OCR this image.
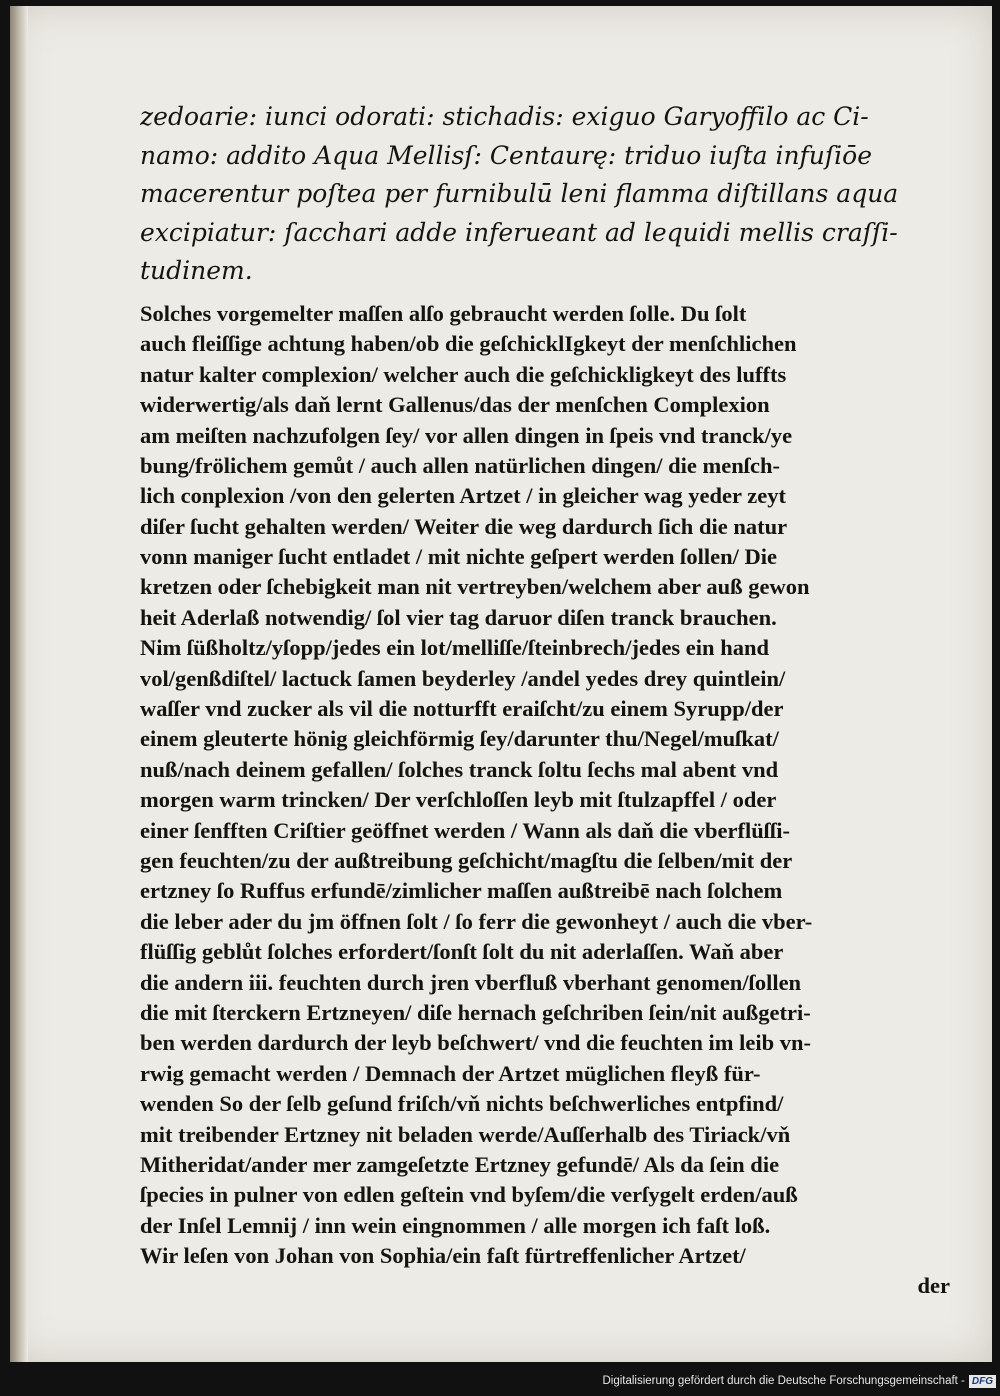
zedoarie: iunci odorati: stichadis: exiguo Garyoffilo ac Ci-
namo: addito Aqua Mellisſ: Centaurę: triduo iuſta infuſiōe
macerentur poſtea per furnibulū leni flamma diſtillans aqua
excipiatur: ſacchari adde inferueant ad lequidi mellis craſſi-
tudinem.
Solches vorgemelter maſſen alſo gebraucht werden ſolle. Du ſolt
auch fleiſſige achtung haben/ob die geſchicklIgkeyt der menſchlichen
natur kalter complexion/ welcher auch die geſchickligkeyt des luffts
widerwertig/als daň lernt Gallenus/das der menſchen Complexion
am meiſten nachzufolgen ſey/ vor allen dingen in ſpeis vnd tranck/ye
bung/frölichem gemůt / auch allen natürlichen dingen/ die menſch-
lich conplexion /von den gelerten Artzet / in gleicher wag yeder zeyt
diſer ſucht gehalten werden/ Weiter die weg dardurch ſich die natur
vonn maniger ſucht entladet / mit nichte geſpert werden ſollen/ Die
kretzen oder ſchebigkeit man nit vertreyben/welchem aber auß gewon
heit Aderlaß notwendig/ ſol vier tag daruor diſen tranck brauchen.
Nim ſüßholtz/yſopp/jedes ein lot/melliſſe/ſteinbrech/jedes ein hand
vol/genßdiſtel/ lactuck ſamen beyderley /andel yedes drey quintlein/
waſſer vnd zucker als vil die notturfft eraiſcht/zu einem Syrupp/der
einem gleuterte hönig gleichförmig ſey/darunter thu/Negel/muſkat/
nuß/nach deinem gefallen/ ſolches tranck ſoltu ſechs mal abent vnd
morgen warm trincken/ Der verſchloſſen leyb mit ſtulzapffel / oder
einer ſenfften Criſtier geöffnet werden / Wann als daň die vberflüſſi-
gen feuchten/zu der außtreibung geſchicht/magſtu die ſelben/mit der
ertzney ſo Ruffus erfundē/zimlicher maſſen außtreibē nach ſolchem
die leber ader du jm öffnen ſolt / ſo ferr die gewonheyt / auch die vber-
flüſſig geblůt ſolches erfordert/ſonſt ſolt du nit aderlaſſen. Waň aber
die andern iii. feuchten durch jren vberfluß vberhant genomen/ſollen
die mit ſterckern Ertzneyen/ diſe hernach geſchriben ſein/nit außgetri-
ben werden dardurch der leyb beſchwert/ vnd die feuchten im leib vn-
rwig gemacht werden / Demnach der Artzet müglichen fleyß für-
wenden So der ſelb geſund friſch/vň nichts beſchwerliches entpfind/
mit treibender Ertzney nit beladen werde/Auſſerhalb des Tiriack/vň
Mitheridat/ander mer zamgeſetzte Ertzney gefundē/ Als da ſein die
ſpecies in pulner von edlen geſtein vnd byſem/die verſygelt erden/auß
der Inſel Lemnij / inn wein eingnommen / alle morgen ich faſt loß.
Wir leſen von Johan von Sophia/ein faſt fürtreffenlicher Artzet/
der
Digitalisierung gefördert durch die Deutsche Forschungsgemeinschaft - DFG
